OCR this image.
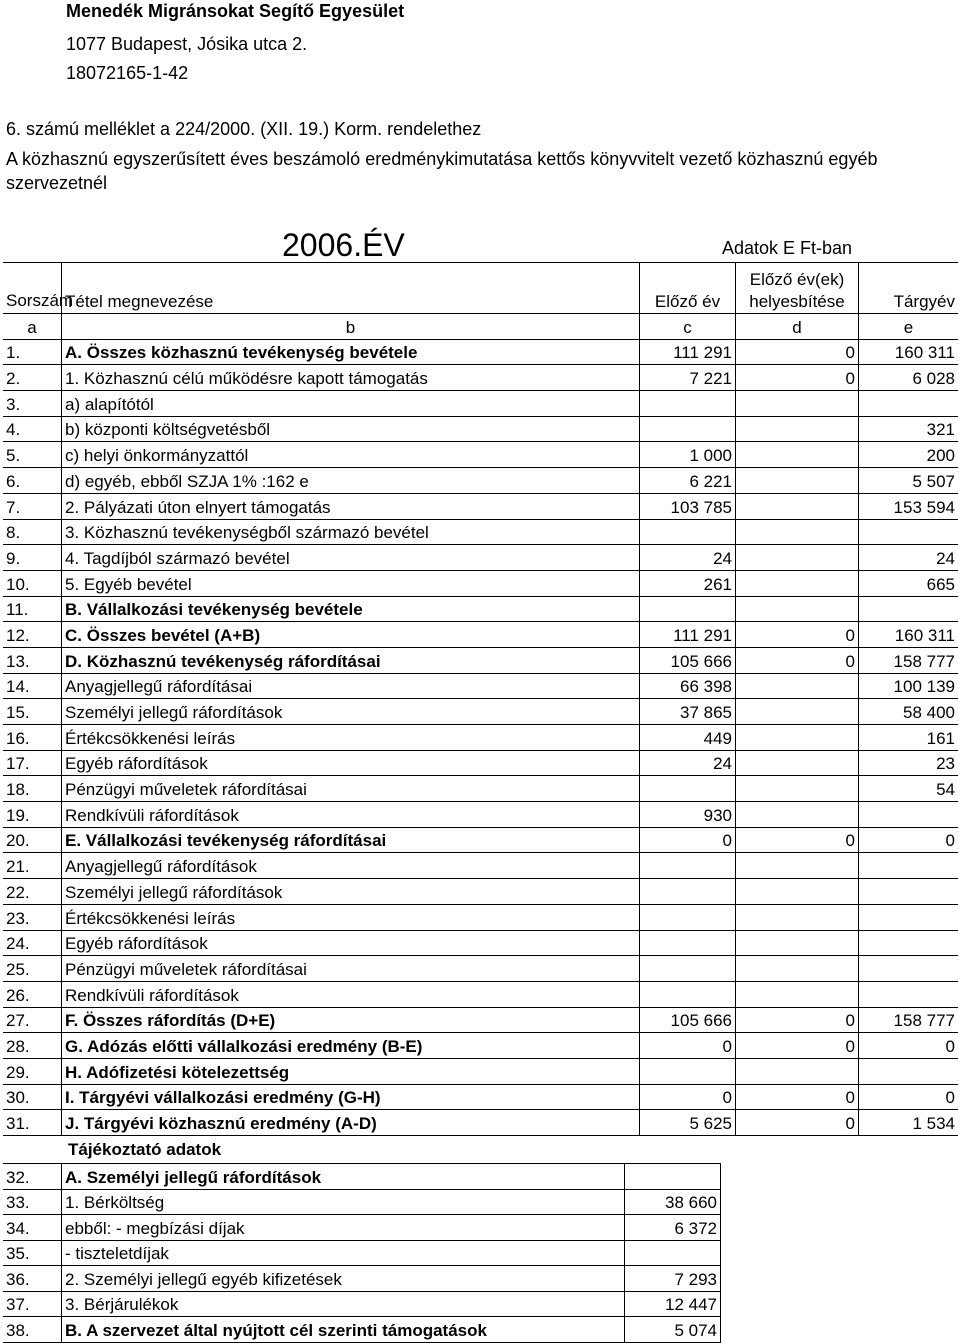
Menedék Migránsokat Segítő Egyesület
1077 Budapest, Jósika utca 2.
18072165-1-42
6. számú melléklet a 224/2000. (XII. 19.) Korm. rendelethez
A közhasznú egyszerűsített éves beszámoló eredménykimutatása kettős könyvvitelt vezető közhasznú egyéb szervezetnél
2006.ÉV	Adatok E Ft-ban
Sorszám	Tétel megnevezése	Előző év	Előző év(ek) helyesbítése	Tárgyév
a	b	c	d	e
1.	A. Összes közhasznú tevékenység bevétele	111 291	0	160 311
2.	1. Közhasznú célú működésre kapott támogatás	7 221	0	6 028
3.	a) alapítótól			
4.	b) központi költségvetésből			321
5.	c) helyi önkormányzattól	1 000		200
6.	d) egyéb, ebből SZJA 1% :162 e	6 221		5 507
7.	2. Pályázati úton elnyert támogatás	103 785		153 594
8.	3. Közhasznú tevékenységből származó bevétel			
9.	4. Tagdíjból származó bevétel	24		24
10.	5. Egyéb bevétel	261		665
11.	B. Vállalkozási tevékenység bevétele			
12.	C. Összes bevétel (A+B)	111 291	0	160 311
13.	D. Közhasznú tevékenység ráfordításai	105 666	0	158 777
14.	Anyagjellegű ráfordításai	66 398		100 139
15.	Személyi jellegű ráfordítások	37 865		58 400
16.	Értékcsökkenési leírás	449		161
17.	Egyéb ráfordítások	24		23
18.	Pénzügyi műveletek ráfordításai			54
19.	Rendkívüli ráfordítások	930		
20.	E. Vállalkozási tevékenység ráfordításai	0	0	0
21.	Anyagjellegű ráfordítások			
22.	Személyi jellegű ráfordítások			
23.	Értékcsökkenési leírás			
24.	Egyéb ráfordítások			
25.	Pénzügyi műveletek ráfordításai			
26.	Rendkívüli ráfordítások			
27.	F. Összes ráfordítás (D+E)	105 666	0	158 777
28.	G. Adózás előtti vállalkozási eredmény (B-E)	0	0	0
29.	H. Adófizetési kötelezettség			
30.	I. Tárgyévi vállalkozási eredmény (G-H)	0	0	0
31.	J. Tárgyévi közhasznú eredmény (A-D)	5 625	0	1 534
Tájékoztató adatok
32.	A. Személyi jellegű ráfordítások	
33.	1. Bérköltség	38 660
34.	ebből: - megbízási díjak	6 372
35.	- tiszteletdíjak	
36.	2. Személyi jellegű egyéb kifizetések	7 293
37.	3. Bérjárulékok	12 447
38.	B. A szervezet által nyújtott cél szerinti támogatások	5 074
